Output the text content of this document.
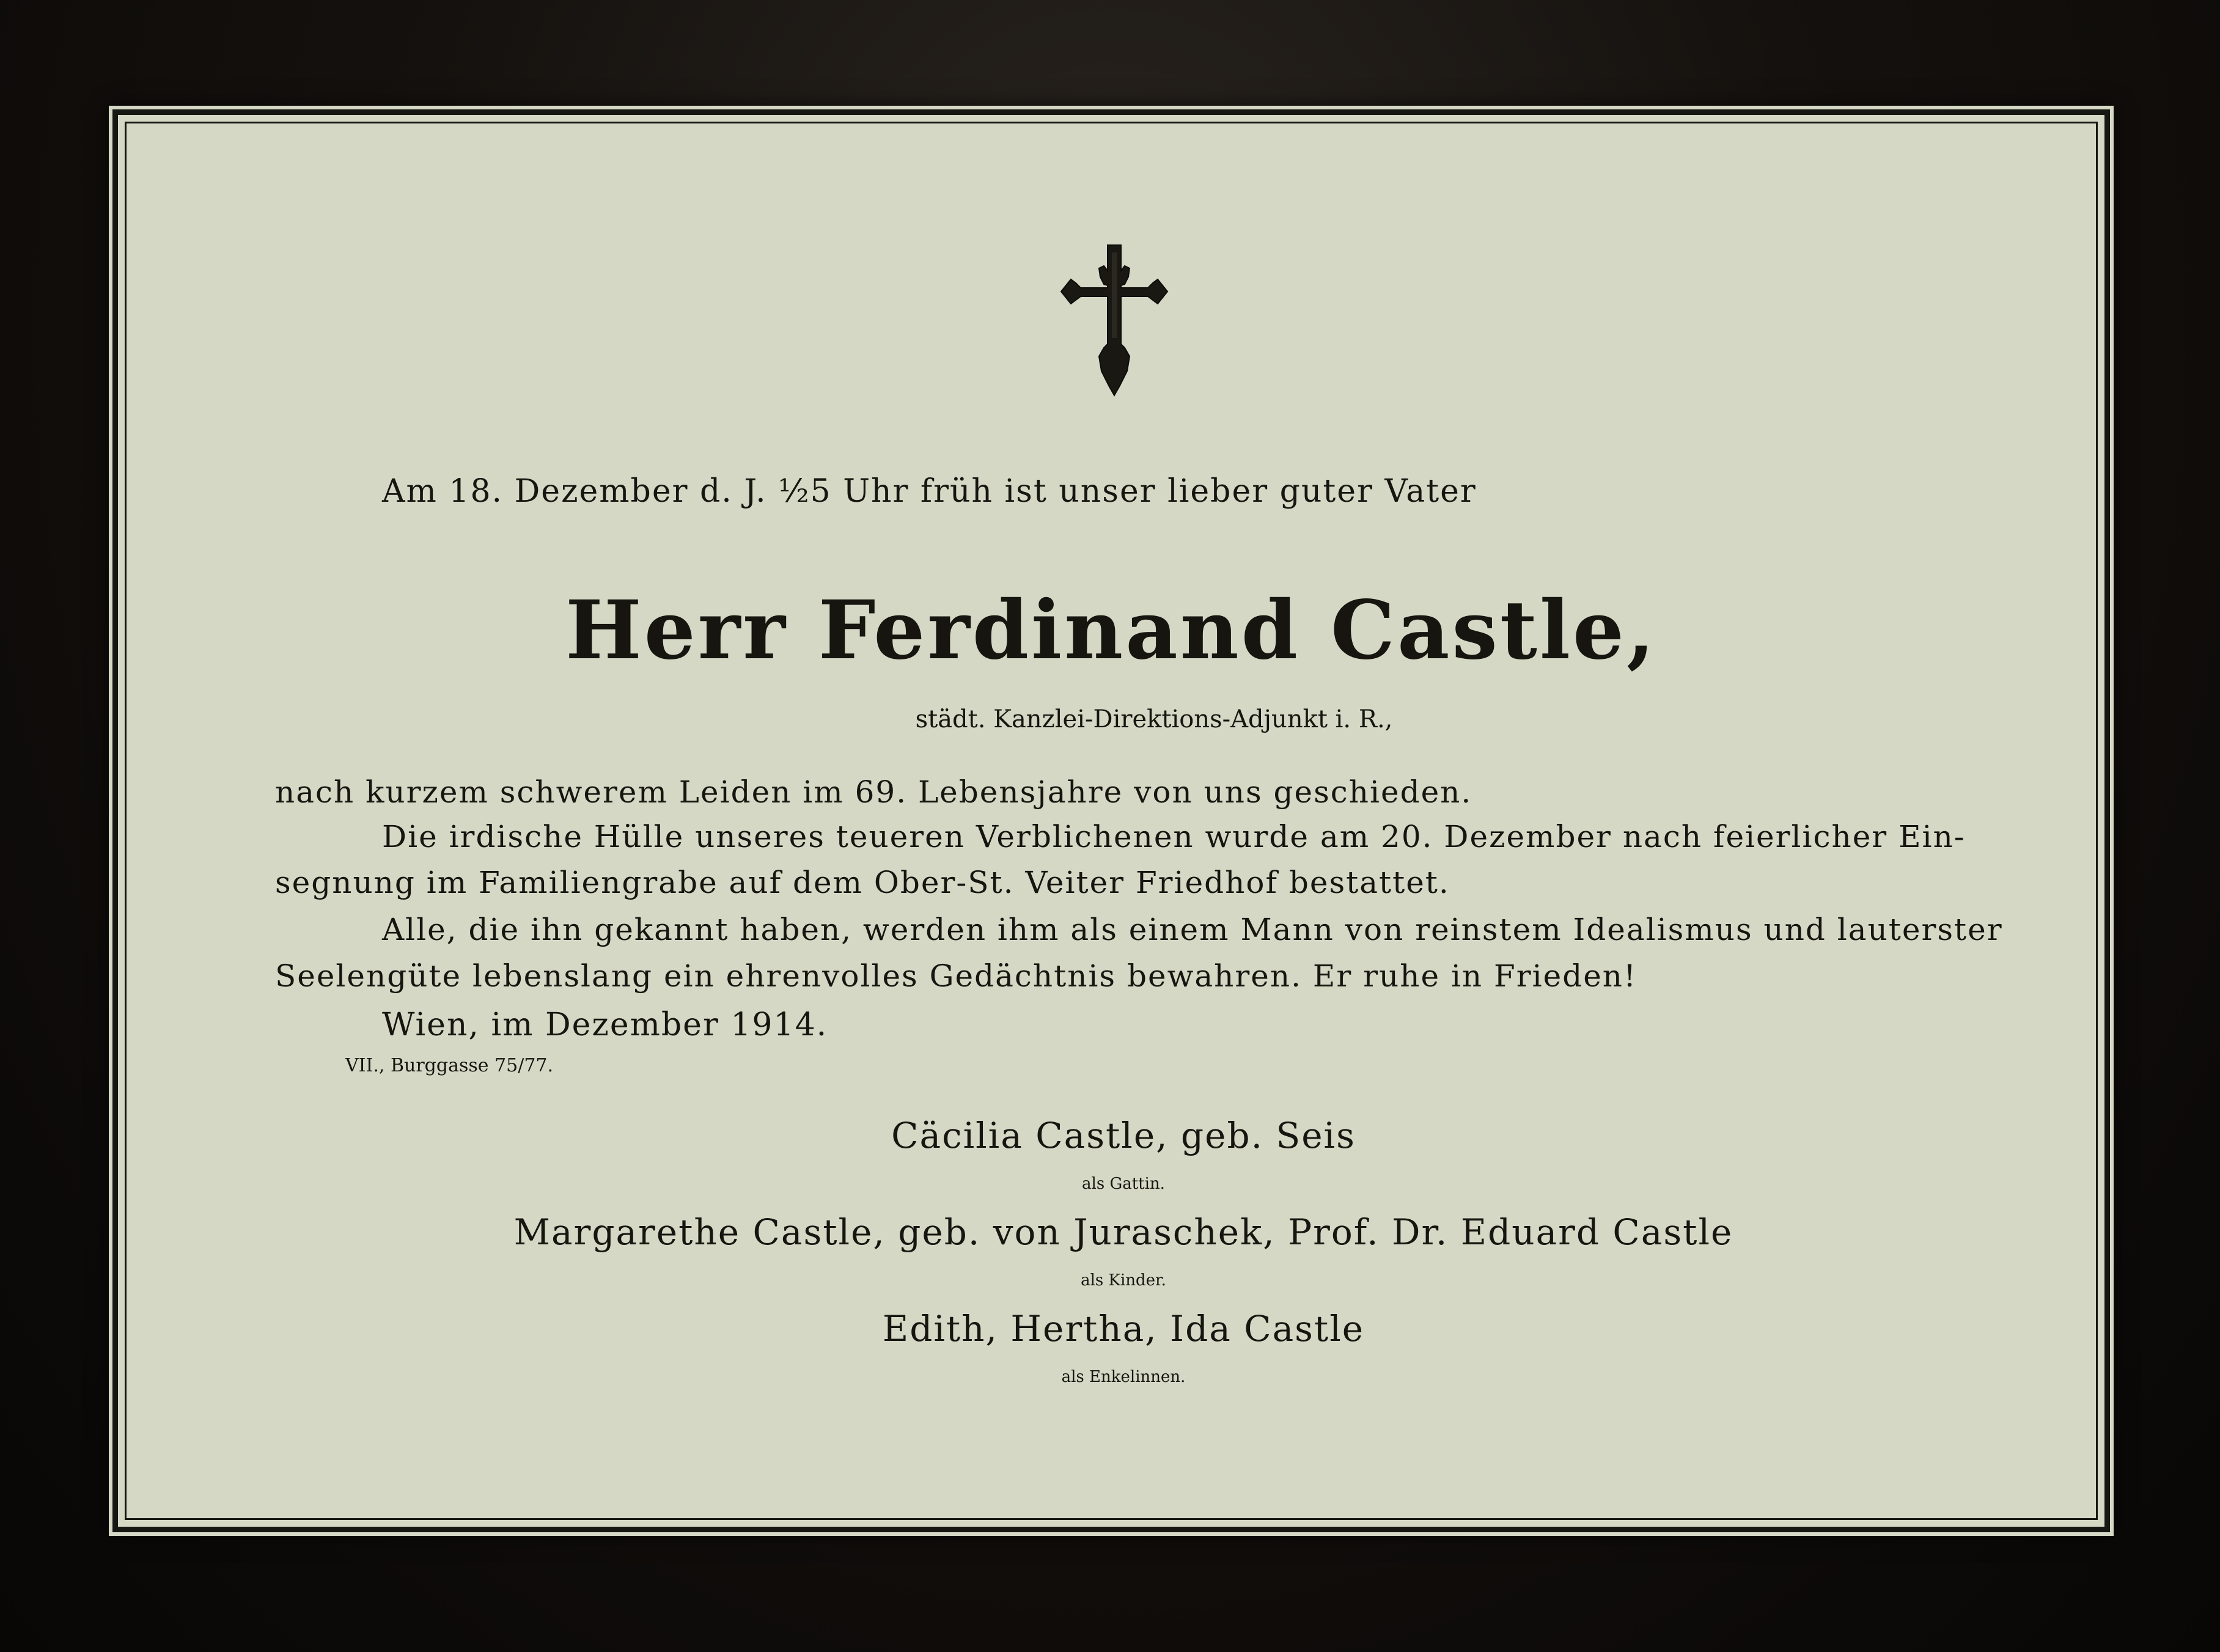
Am 18. Dezember d. J. ½5 Uhr früh ist unser lieber guter Vater
Herr Ferdinand Castle,
städt. Kanzlei-Direktions-Adjunkt i. R.,
nach kurzem schwerem Leiden im 69. Lebensjahre von uns geschieden.
Die irdische Hülle unseres teueren Verblichenen wurde am 20. Dezember nach feierlicher Ein-
segnung im Familiengrabe auf dem Ober-St. Veiter Friedhof bestattet.
Alle, die ihn gekannt haben, werden ihm als einem Mann von reinstem Idealismus und lauterster
Seelengüte lebenslang ein ehrenvolles Gedächtnis bewahren. Er ruhe in Frieden!
Wien, im Dezember 1914.
VII., Burggasse 75/77.
Cäcilia Castle, geb. Seis
als Gattin.
Margarethe Castle, geb. von Juraschek, Prof. Dr. Eduard Castle
als Kinder.
Edith, Hertha, Ida Castle
als Enkelinnen.
